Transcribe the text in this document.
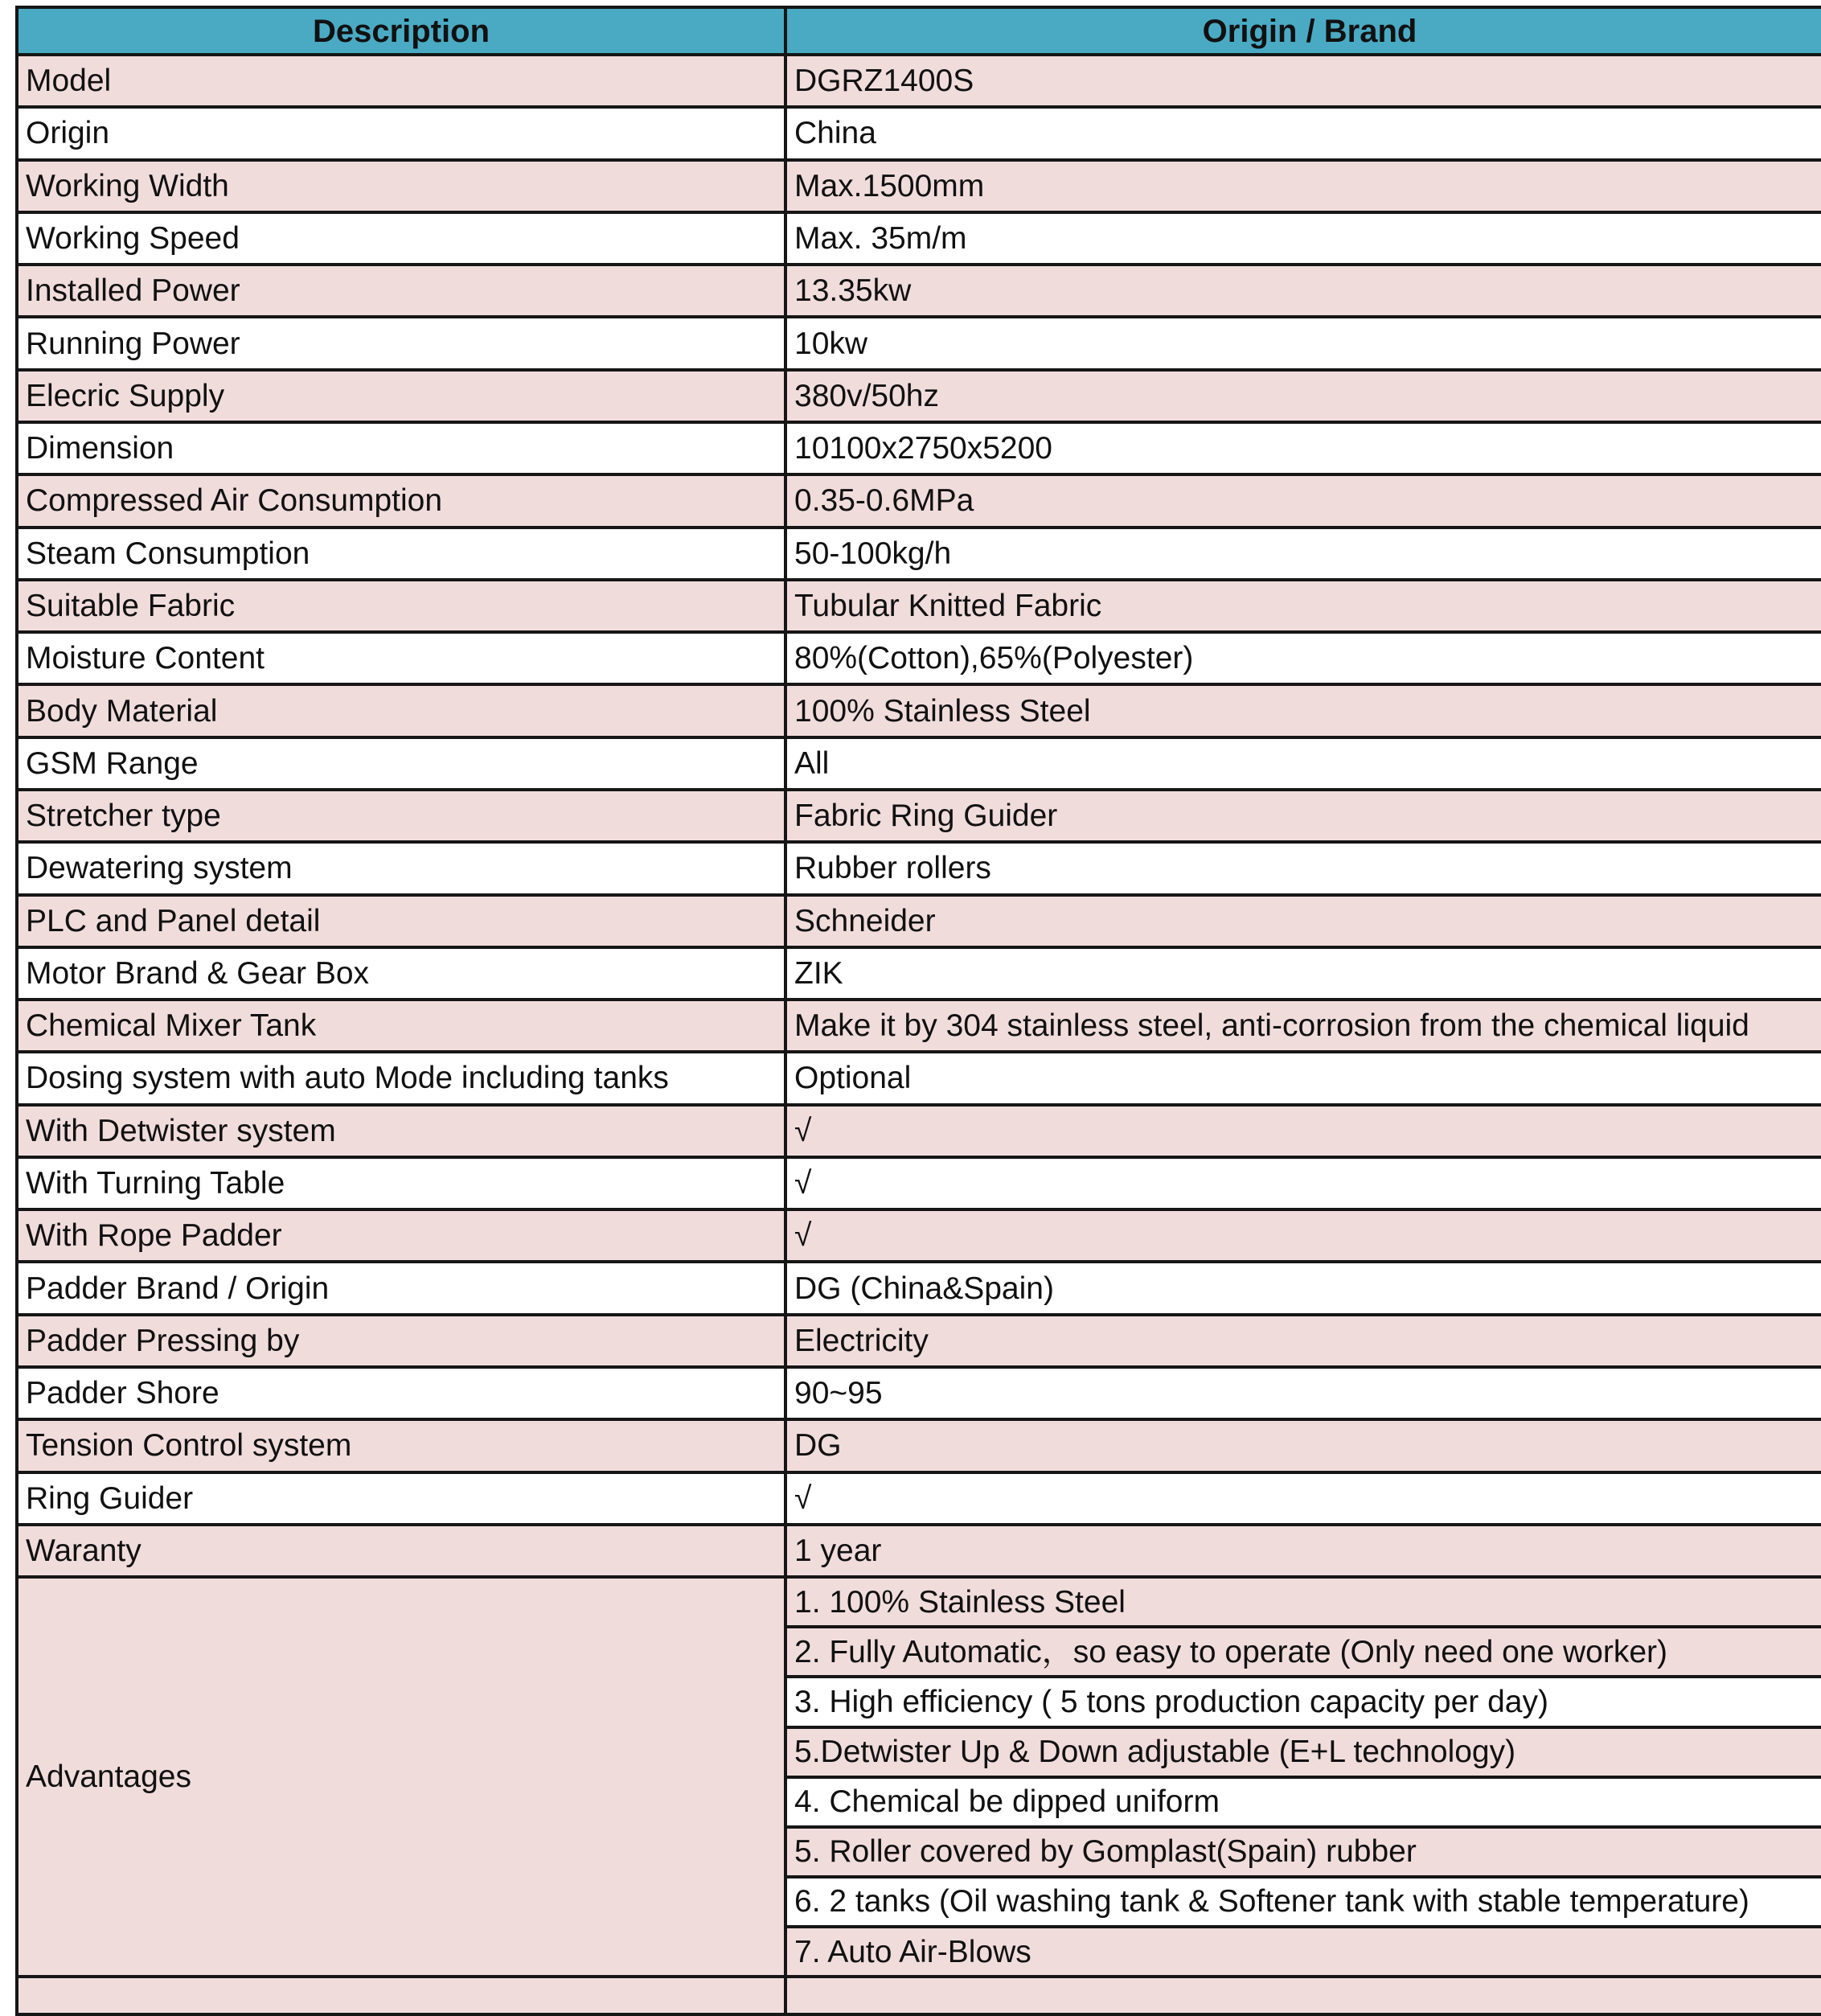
Description	Origin / Brand
Model	DGRZ1400S
Origin	China
Working Width	Max.1500mm
Working Speed	Max. 35m/m
Installed Power	13.35kw
Running Power	10kw
Elecric Supply	380v/50hz
Dimension	10100x2750x5200
Compressed Air Consumption	0.35-0.6MPa
Steam Consumption	50-100kg/h
Suitable Fabric	Tubular Knitted Fabric
Moisture Content	80%(Cotton),65%(Polyester)
Body Material	100% Stainless Steel
GSM Range	All
Stretcher type	Fabric Ring Guider
Dewatering system	Rubber rollers
PLC and Panel detail	Schneider
Motor Brand & Gear Box	ZIK
Chemical Mixer Tank	Make it by 304 stainless steel, anti-corrosion from the chemical liquid
Dosing system with auto Mode including tanks	Optional
With Detwister system	√
With Turning Table	√
With Rope Padder	√
Padder Brand / Origin	DG (China&Spain)
Padder Pressing by	Electricity
Padder Shore	90~95
Tension Control system	DG
Ring Guider	√
Waranty	1 year
Advantages	1. 100% Stainless Steel
	2. Fully Automatic，so easy to operate (Only need one worker)
	3. High efficiency ( 5 tons production capacity per day)
	5.Detwister Up & Down adjustable (E+L technology)
	4. Chemical be dipped uniform
	5. Roller covered by Gomplast(Spain) rubber
	6. 2 tanks (Oil washing tank & Softener tank with stable temperature)
	7. Auto Air-Blows
